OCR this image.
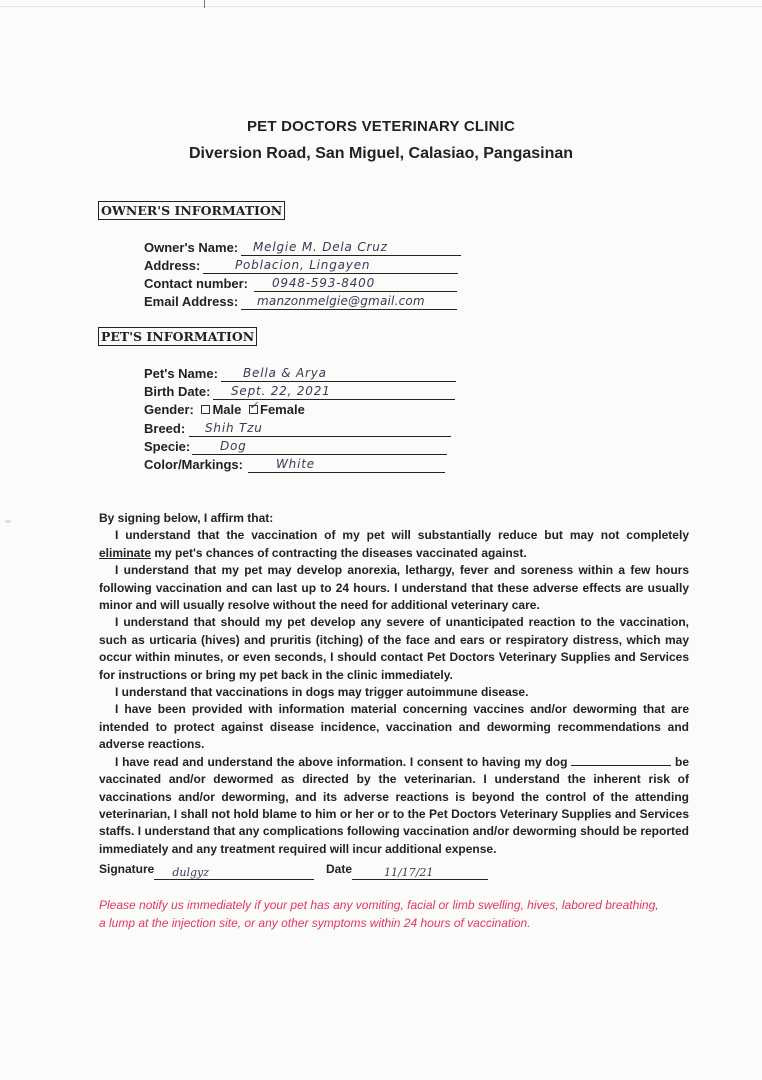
PET DOCTORS VETERINARY CLINIC
Diversion Road, San Miguel, Calasiao, Pangasinan
OWNER'S INFORMATION
Owner's Name:	Melgie M. Dela Cruz
Address:	Poblacion, Lingayen
Contact number:	0948-593-8400
Email Address:	manzonmelgie@gmail.com
PET'S INFORMATION
Pet's Name:	Bella & Arya
Birth Date:	Sept. 22, 2021
Gender: Male ✓ Female
Breed:	Shih Tzu
Specie:	Dog
Color/Markings:	White

By signing below, I affirm that:

I understand that the vaccination of my pet will substantially reduce but may not completely eliminate my pet's chances of contracting the diseases vaccinated against.

I understand that my pet may develop anorexia, lethargy, fever and soreness within a few hours following vaccination and can last up to 24 hours. I understand that these adverse effects are usually minor and will usually resolve without the need for additional veterinary care.

I understand that should my pet develop any severe of unanticipated reaction to the vaccination, such as urticaria (hives) and pruritis (itching) of the face and ears or respiratory distress, which may occur within minutes, or even seconds, I should contact Pet Doctors Veterinary Supplies and Services for instructions or bring my pet back in the clinic immediately.

I understand that vaccinations in dogs may trigger autoimmune disease.

I have been provided with information material concerning vaccines and/or deworming that are intended to protect against disease incidence, vaccination and deworming recommendations and adverse reactions.

I have read and understand the above information. I consent to having my dog	be vaccinated and/or dewormed as directed by the veterinarian. I understand the inherent risk of vaccinations and/or deworming, and its adverse reactions is beyond the control of the attending veterinarian, I shall not hold blame to him or her or to the Pet Doctors Veterinary Supplies and Services staffs. I understand that any complications following vaccination and/or deworming should be reported immediately and any treatment required will incur additional expense.

Signature dulgyz	Date	11/17/21
Please notify us immediately if your pet has any vomiting, facial or limb swelling, hives, labored breathing, a lump at the injection site, or any other symptoms within 24 hours of vaccination.
